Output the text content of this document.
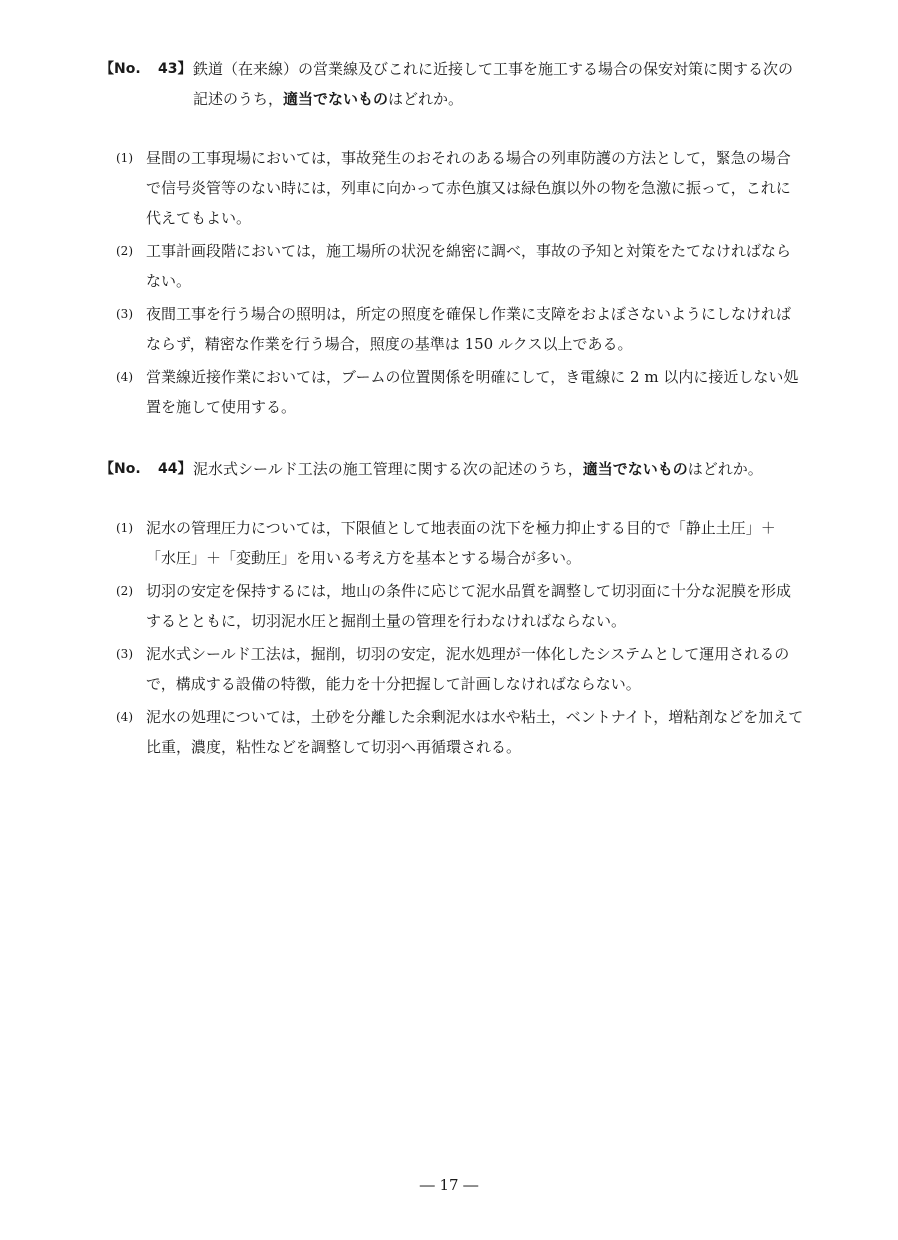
【No. 43】 鉄道（在来線）の営業線及びこれに近接して工事を施工する場合の保安対策に関する次の記述のうち，適当でないものはどれか。
(1) 昼間の工事現場においては，事故発生のおそれのある場合の列車防護の方法として，緊急の場合で信号炎管等のない時には，列車に向かって赤色旗又は緑色旗以外の物を急激に振って，これに代えてもよい。
(2) 工事計画段階においては，施工場所の状況を綿密に調べ，事故の予知と対策をたてなければならない。
(3) 夜間工事を行う場合の照明は，所定の照度を確保し作業に支障をおよぼさないようにしなければならず，精密な作業を行う場合，照度の基準は 150 ルクス以上である。
(4) 営業線近接作業においては，ブームの位置関係を明確にして，き電線に 2 m 以内に接近しない処置を施して使用する。
【No. 44】 泥水式シールド工法の施工管理に関する次の記述のうち，適当でないものはどれか。
(1) 泥水の管理圧力については，下限値として地表面の沈下を極力抑止する目的で「静止土圧」＋「水圧」＋「変動圧」を用いる考え方を基本とする場合が多い。
(2) 切羽の安定を保持するには，地山の条件に応じて泥水品質を調整して切羽面に十分な泥膜を形成するとともに，切羽泥水圧と掘削土量の管理を行わなければならない。
(3) 泥水式シールド工法は，掘削，切羽の安定，泥水処理が一体化したシステムとして運用されるので，構成する設備の特徴，能力を十分把握して計画しなければならない。
(4) 泥水の処理については，土砂を分離した余剰泥水は水や粘土，ベントナイト，増粘剤などを加えて比重，濃度，粘性などを調整して切羽へ再循環される。
― 17 ―
